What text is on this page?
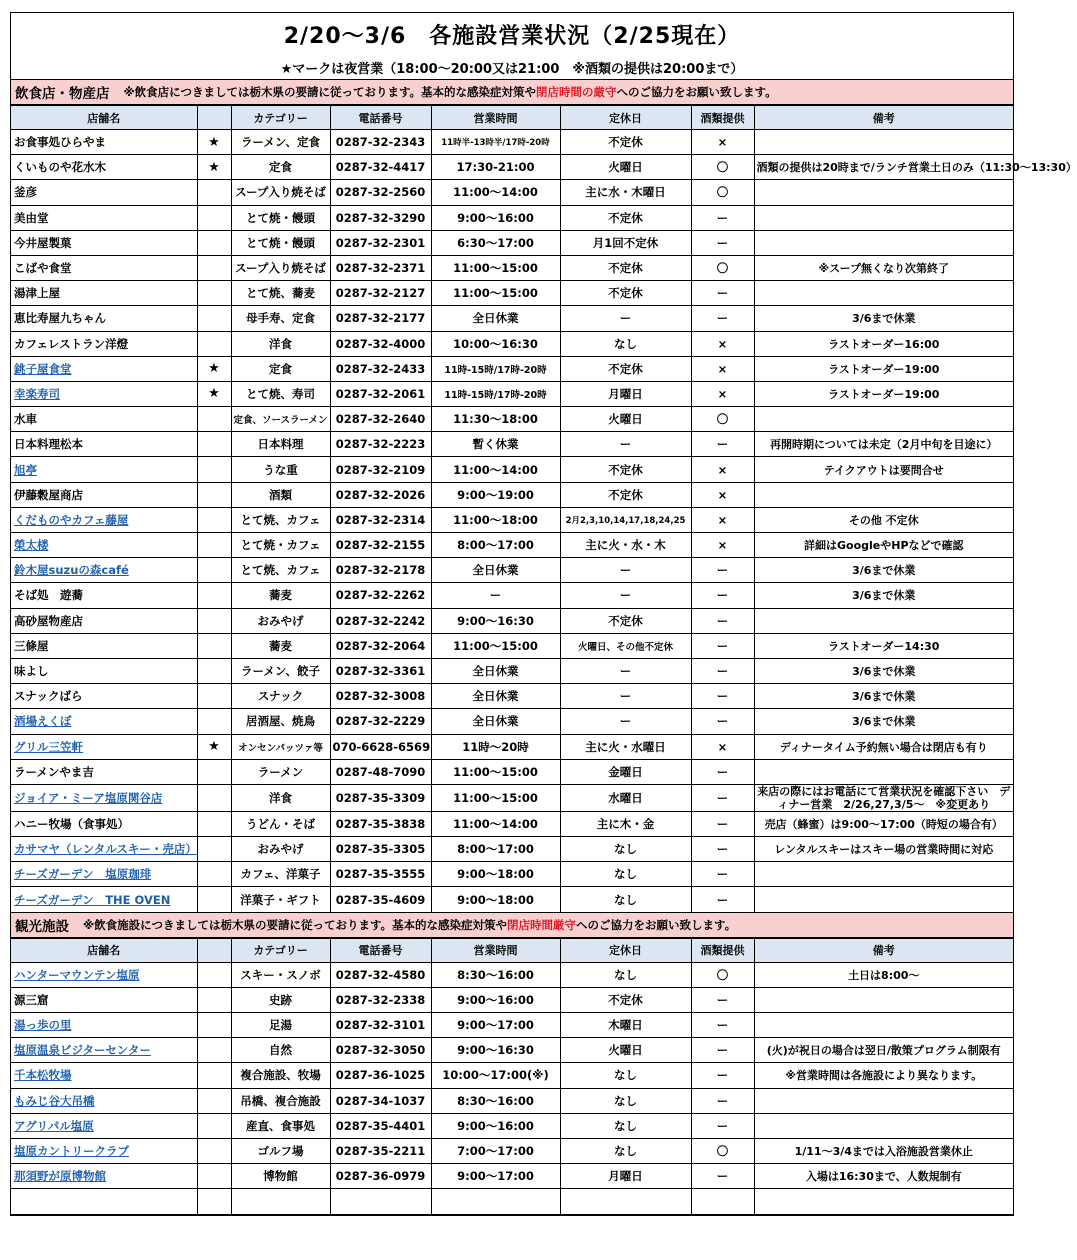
2/20～3/6　各施設営業状況（2/25現在）
★マークは夜営業（18:00～20:00又は21:00　※酒類の提供は20:00まで）
飲食店・物産店 ※飲食店につきましては栃木県の要請に従っております。基本的な感染症対策や 閉店時間の厳守 へのご協力をお願い致します。
店舗名		カテゴリー	電話番号	営業時間	定休日	酒類提供	備考
お食事処ひらやま	★	ラーメン、定食	0287-32-2343	11時半-13時半/17時-20時	不定休	×	
くいものや花水木	★	定食	0287-32-4417	17:30-21:00	火曜日	〇	酒類の提供は20時まで/ランチ営業土日のみ（11:30～13:30）
釜彦		スープ入り焼そば	0287-32-2560	11:00～14:00	主に水・木曜日	〇	
美由堂		とて焼・饅頭	0287-32-3290	9:00～16:00	不定休	ー	
今井屋製菓		とて焼・饅頭	0287-32-2301	6:30～17:00	月1回不定休	ー	
こばや食堂		スープ入り焼そば	0287-32-2371	11:00～15:00	不定休	〇	※スープ無くなり次第終了
湯津上屋		とて焼、蕎麦	0287-32-2127	11:00～15:00	不定休	ー	
恵比寿屋九ちゃん		母手寿、定食	0287-32-2177	全日休業	ー	ー	3/6まで休業
カフェレストラン洋燈		洋食	0287-32-4000	10:00～16:30	なし	×	ラストオーダー16:00
銚子屋食堂	★	定食	0287-32-2433	11時-15時/17時-20時	不定休	×	ラストオーダー19:00
幸楽寿司	★	とて焼、寿司	0287-32-2061	11時-15時/17時-20時	月曜日	×	ラストオーダー19:00
水車		定食、ソースラーメン	0287-32-2640	11:30～18:00	火曜日	〇	
日本料理松本		日本料理	0287-32-2223	暫く休業	ー	ー	再開時期については未定（2月中旬を目途に）
旭亭		うな重	0287-32-2109	11:00～14:00	不定休	×	テイクアウトは要問合せ
伊藤穀屋商店		酒類	0287-32-2026	9:00～19:00	不定休	×	
くだものやカフェ藤屋		とて焼、カフェ	0287-32-2314	11:00～18:00	2月2,3,10,14,17,18,24,25	×	その他 不定休
榮太楼		とて焼・カフェ	0287-32-2155	8:00～17:00	主に火・水・木	×	詳細はGoogleやHPなどで確認
鈴木屋suzuの森café		とて焼、カフェ	0287-32-2178	全日休業	ー	ー	3/6まで休業
そば処　遊蕎		蕎麦	0287-32-2262	ー	ー	ー	3/6まで休業
高砂屋物産店		おみやげ	0287-32-2242	9:00～16:30	不定休	ー	
三條屋		蕎麦	0287-32-2064	11:00～15:00	火曜日、その他不定休	ー	ラストオーダー14:30
味よし		ラーメン、餃子	0287-32-3361	全日休業	ー	ー	3/6まで休業
スナックばら		スナック	0287-32-3008	全日休業	ー	ー	3/6まで休業
酒場えくぼ		居酒屋、焼鳥	0287-32-2229	全日休業	ー	ー	3/6まで休業
グリル三笠軒	★	オンセンパッツァ等	070-6628-6569	11時～20時	主に火・水曜日	×	ディナータイム予約無い場合は閉店も有り
ラーメンやま吉		ラーメン	0287-48-7090	11:00～15:00	金曜日	ー	
ジョイア・ミーア塩原関谷店		洋食	0287-35-3309	11:00～15:00	水曜日	ー	来店の際にはお電話にて営業状況を確認下さい　ディナー営業　2/26,27,3/5～　※変更あり
ハニー牧場（食事処）		うどん・そば	0287-35-3838	11:00～14:00	主に木・金	ー	売店（蜂蜜）は9:00～17:00（時短の場合有）
カサマヤ（レンタルスキー・売店）		おみやげ	0287-35-3305	8:00～17:00	なし	ー	レンタルスキーはスキー場の営業時間に対応
チーズガーデン　塩原珈琲		カフェ、洋菓子	0287-35-3555	9:00～18:00	なし	ー	
チーズガーデン　THE OVEN		洋菓子・ギフト	0287-35-4609	9:00～18:00	なし	ー	
観光施設 ※飲食施設につきましては栃木県の要請に従っております。基本的な感染症対策や 閉店時間厳守 へのご協力をお願い致します。
店舗名		カテゴリー	電話番号	営業時間	定休日	酒類提供	備考
ハンターマウンテン塩原		スキー・スノボ	0287-32-4580	8:30～16:00	なし	〇	土日は8:00～
源三窟		史跡	0287-32-2338	9:00～16:00	不定休	ー	
湯っ歩の里		足湯	0287-32-3101	9:00～17:00	木曜日	ー	
塩原温泉ビジターセンター		自然	0287-32-3050	9:00～16:30	火曜日	ー	(火)が祝日の場合は翌日/散策プログラム制限有
千本松牧場		複合施設、牧場	0287-36-1025	10:00～17:00(※)	なし	ー	※営業時間は各施設により異なります。
もみじ谷大吊橋		吊橋、複合施設	0287-34-1037	8:30～16:00	なし	ー	
アグリパル塩原		産直、食事処	0287-35-4401	9:00～16:00	なし	ー	
塩原カントリークラブ		ゴルフ場	0287-35-2211	7:00～17:00	なし	〇	1/11～3/4までは入浴施設営業休止
那須野が原博物館		博物館	0287-36-0979	9:00～17:00	月曜日	ー	入場は16:30まで、人数規制有
